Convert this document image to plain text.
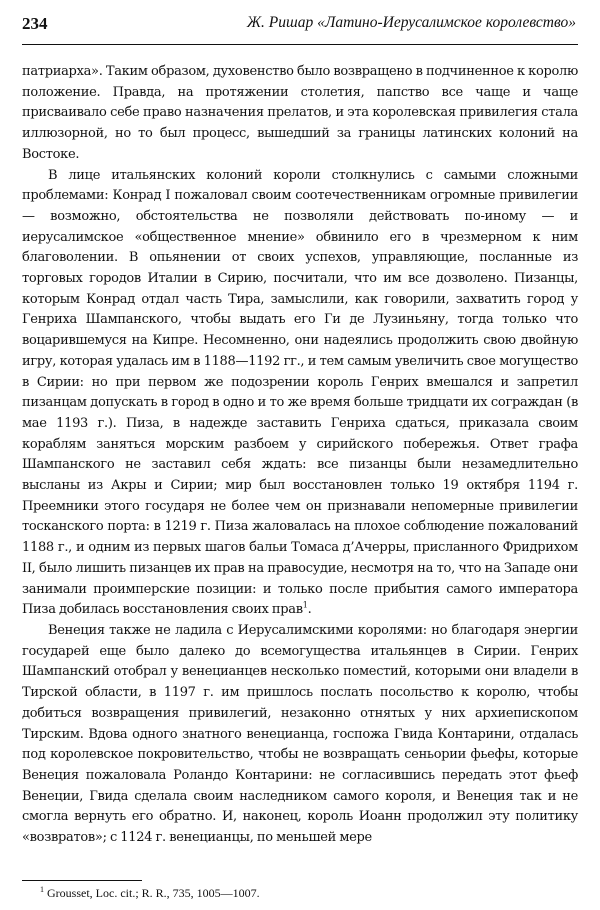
234	Ж. Ришар «Латино-Иерусалимское королевство»

патриарха». Таким образом, духовенство было возвращено в подчиненное к королю положение. Правда, на протяжении столетия, папство все чаще и чаще присваивало себе право назначения прелатов, и эта королевская привилегия стала иллюзорной, но то был процесс, вышедший за границы латинских колоний на Востоке.

В лице итальянских колоний короли столкнулись с самыми сложными проблемами: Конрад I пожаловал своим соотечественникам огромные привилегии — возможно, обстоятельства не позволяли действовать по-иному — и иерусалимское «общественное мнение» обвинило его в чрезмерном к ним благоволении. В опьянении от своих успехов, управляющие, посланные из торговых городов Италии в Сирию, посчитали, что им все дозволено. Пизанцы, которым Конрад отдал часть Тира, замыслили, как говорили, захватить город у Генриха Шампанского, чтобы выдать его Ги де Лузиньяну, тогда только что воцарившемуся на Кипре. Несомненно, они надеялись продолжить свою двойную игру, которая удалась им в 1188—1192 гг., и тем самым увеличить свое могущество в Сирии: но при первом же подозрении король Генрих вмешался и запретил пизанцам допускать в город в одно и то же время больше тридцати их сограждан (в мае 1193 г.). Пиза, в надежде заставить Генриха сдаться, приказала своим кораблям заняться морским разбоем у сирийского побережья. Ответ графа Шампанского не заставил себя ждать: все пизанцы были незамедлительно высланы из Акры и Сирии; мир был восстановлен только 19 октября 1194 г. Преемники этого государя не более чем он признавали непомерные привилегии тосканского порта: в 1219 г. Пиза жаловалась на плохое соблюдение пожалований 1188 г., и одним из первых шагов бальи Томаса д’Ачерры, присланного Фридрихом II, было лишить пизанцев их прав на правосудие, несмотря на то, что на Западе они занимали проимперские позиции: и только после прибытия самого императора Пиза добилась восстановления своих прав$^1$.

Венеция также не ладила с Иерусалимскими королями: но благодаря энергии государей еще было далеко до всемогущества итальянцев в Сирии. Генрих Шампанский отобрал у венецианцев несколько поместий, которыми они владели в Тирской области, в 1197 г. им пришлось послать посольство к королю, чтобы добиться возвращения привилегий, незаконно отнятых у них архиепископом Тирским. Вдова одного знатного венецианца, госпожа Гвида Контарини, отдалась под королевское покровительство, чтобы не возвращать сеньории фьефы, которые Венеция пожаловала Роландо Контарини: не согласившись передать этот фьеф Венеции, Гвида сделала своим наследником самого короля, и Венеция так и не смогла вернуть его обратно. И, наконец, король Иоанн продолжил эту политику «возвратов»; с 1124 г. венецианцы, по меньшей мере

$^1$ Grousset, Loc. cit.; R. R., 735, 1005—1007.
